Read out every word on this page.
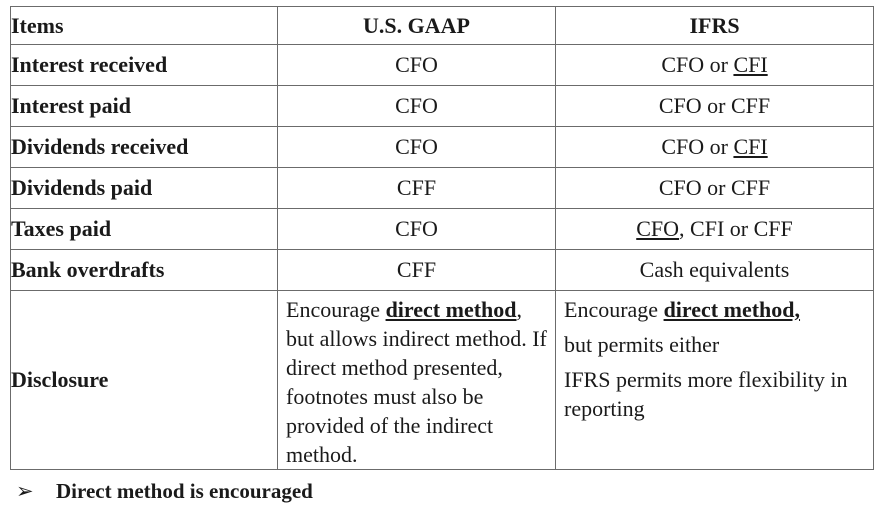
Items	U.S. GAAP	IFRS
Interest received	CFO	CFO or CFI
Interest paid	CFO	CFO or CFF
Dividends received	CFO	CFO or CFI
Dividends paid	CFF	CFO or CFF
Taxes paid	CFO	CFO, CFI or CFF
Bank overdrafts	CFF	Cash equivalents
Disclosure	Encourage direct method, but allows indirect method. If direct method presented, footnotes must also be provided of the indirect method.	Encourage direct method,
but permits either
IFRS permits more flexibility in reporting
➢ Direct method is encouraged
